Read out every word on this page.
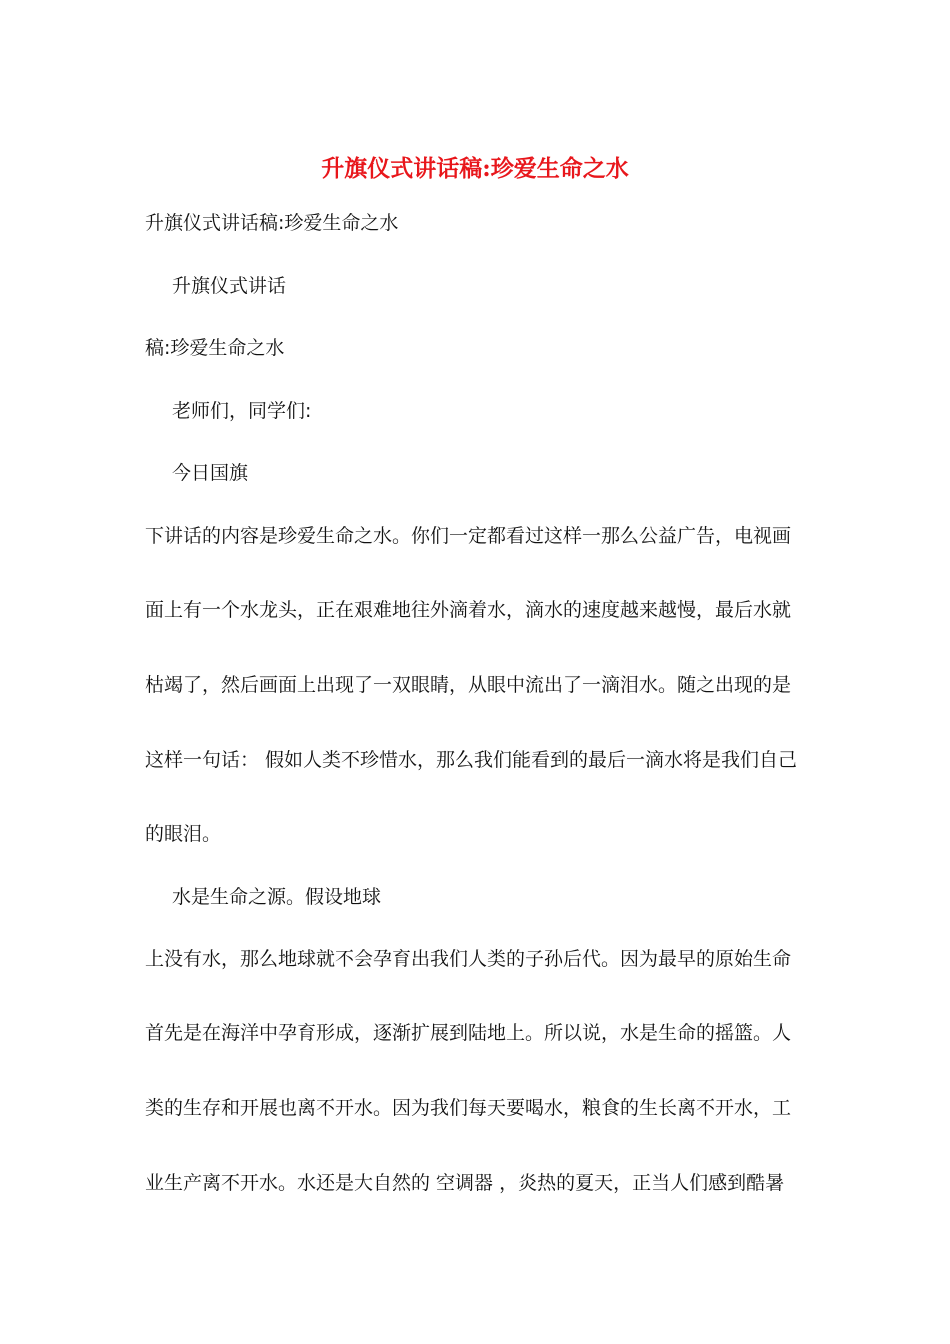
升旗仪式讲话稿:珍爱生命之水
升旗仪式讲话稿:珍爱生命之水
升旗仪式讲话
稿:珍爱生命之水
老师们，同学们:
今日国旗
下讲话的内容是珍爱生命之水。你们一定都看过这样一那么公益广告，电视画
面上有一个水龙头，正在艰难地往外滴着水，滴水的速度越来越慢，最后水就
枯竭了，然后画面上出现了一双眼睛，从眼中流出了一滴泪水。随之出现的是
这样一句话： 假如人类不珍惜水，那么我们能看到的最后一滴水将是我们自己
的眼泪。
水是生命之源。假设地球
上没有水，那么地球就不会孕育出我们人类的子孙后代。因为最早的原始生命
首先是在海洋中孕育形成，逐渐扩展到陆地上。所以说，水是生命的摇篮。人
类的生存和开展也离不开水。因为我们每天要喝水，粮食的生长离不开水，工
业生产离不开水。水还是大自然的 空调器 ，炎热的夏天，正当人们感到酷暑
